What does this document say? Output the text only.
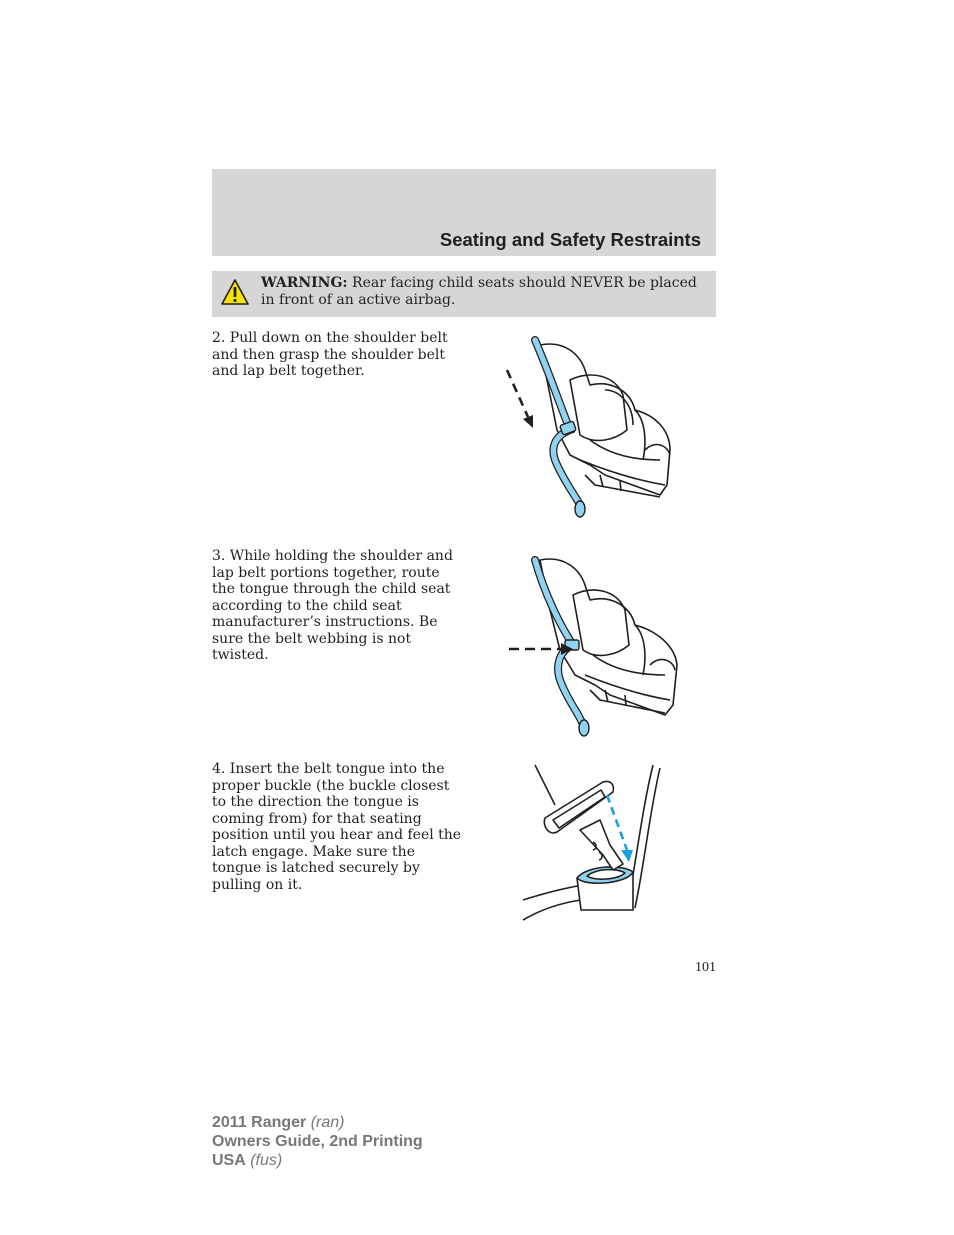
Seating and Safety Restraints

WARNING: Rear facing child seats should NEVER be placed in front of an active airbag.

2. Pull down on the shoulder belt and then grasp the shoulder belt and lap belt together.

3. While holding the shoulder and lap belt portions together, route the tongue through the child seat according to the child seat manufacturer’s instructions. Be sure the belt webbing is not twisted.

4. Insert the belt tongue into the proper buckle (the buckle closest to the direction the tongue is coming from) for that seating position until you hear and feel the latch engage. Make sure the tongue is latched securely by pulling on it.

101
2011 Ranger (ran)
Owners Guide, 2nd Printing
USA (fus)
